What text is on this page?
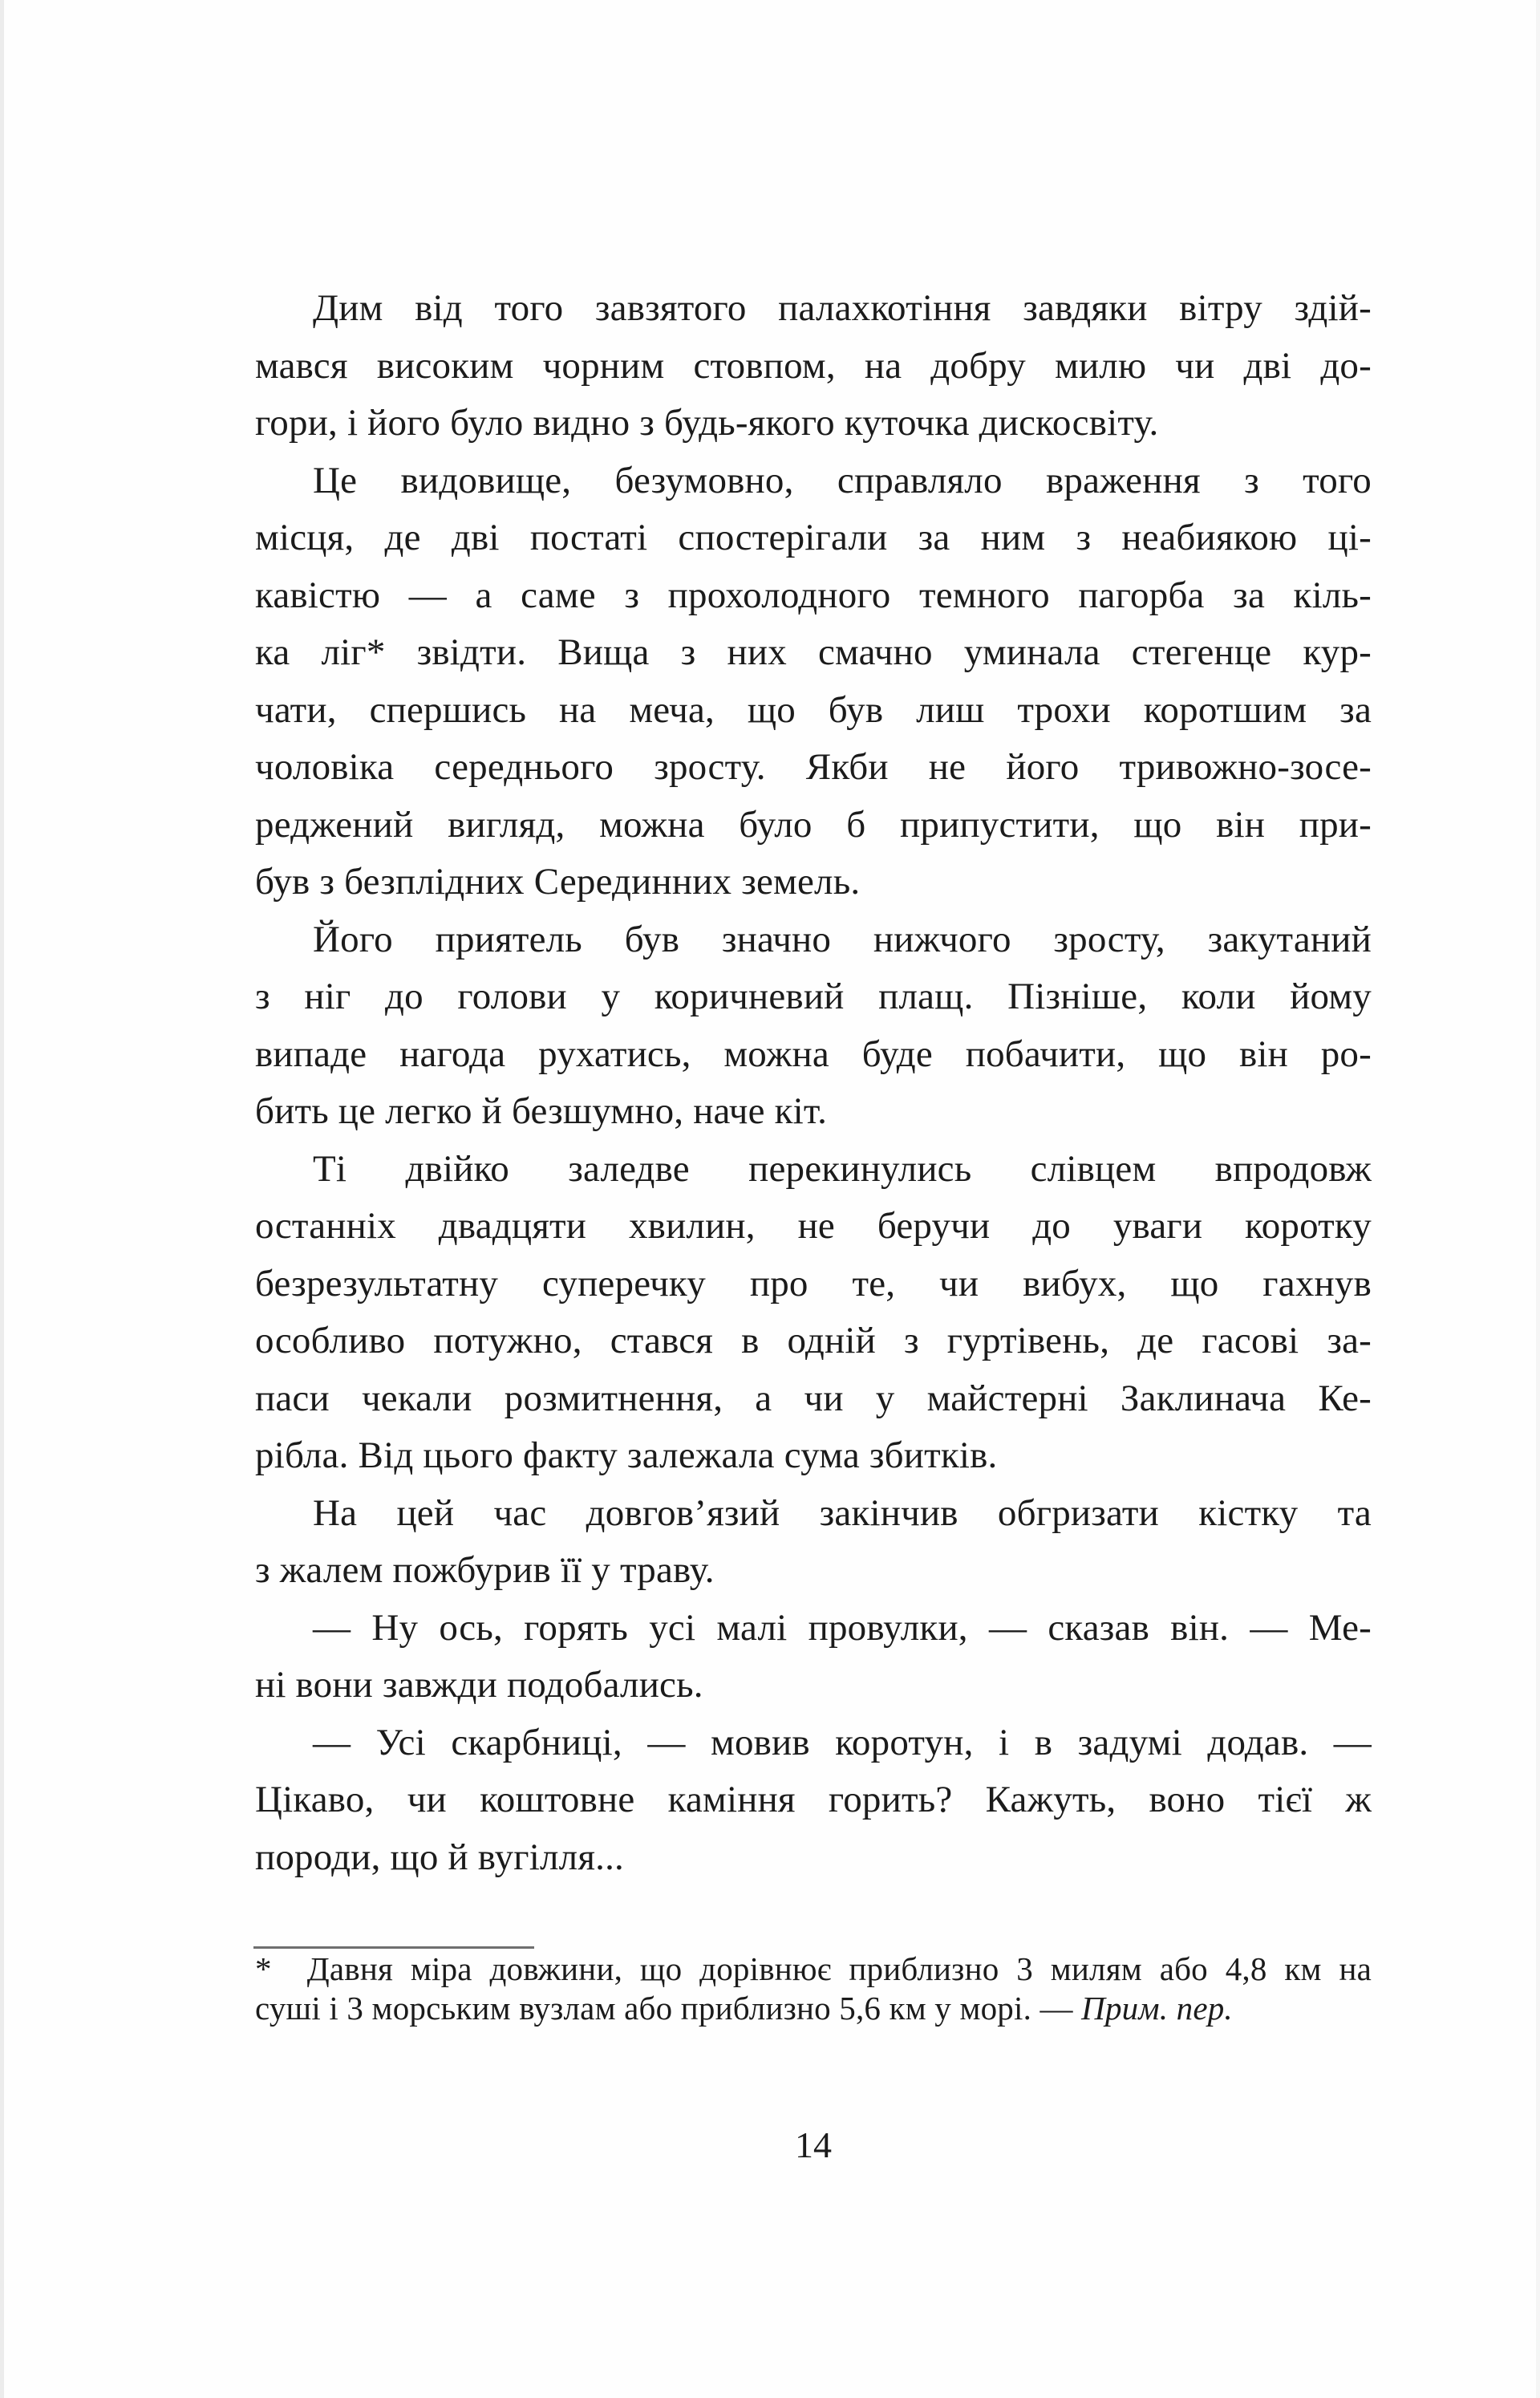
Дим від того завзятого палахкотіння завдяки вітру здій-
мався високим чорним стовпом, на добру милю чи дві до-
гори, і його було видно з будь-якого куточка дискосвіту.
Це видовище, безумовно, справляло враження з того
місця, де дві постаті спостерігали за ним з неабиякою ці-
кавістю — а саме з прохолодного темного пагорба за кіль-
ка ліг* звідти. Вища з них смачно уминала стегенце кур-
чати, спершись на меча, що був лиш трохи коротшим за
чоловіка середнього зросту. Якби не його тривожно-зосе-
реджений вигляд, можна було б припустити, що він при-
був з безплідних Серединних земель.
Його приятель був значно нижчого зросту, закутаний
з ніг до голови у коричневий плащ. Пізніше, коли йому
випаде нагода рухатись, можна буде побачити, що він ро-
бить це легко й безшумно, наче кіт.
Ті двійко заледве перекинулись слівцем впродовж
останніх двадцяти хвилин, не беручи до уваги коротку
безрезультатну суперечку про те, чи вибух, що гахнув
особливо потужно, стався в одній з гуртівень, де гасові за-
паси чекали розмитнення, а чи у майстерні Заклинача Ке-
рібла. Від цього факту залежала сума збитків.
На цей час довгов’язий закінчив обгризати кістку та
з жалем пожбурив її у траву.
— Ну ось, горять усі малі провулки, — сказав він. — Ме-
ні вони завжди подобались.
— Усі скарбниці, — мовив коротун, і в задумі додав. —
Цікаво, чи коштовне каміння горить? Кажуть, воно тієї ж
породи, що й вугілля...
* Давня міра довжини, що дорівнює приблизно 3 милям або 4,8 км на
суші і 3 морським вузлам або приблизно 5,6 км у морі. — Прим. пер.
14
